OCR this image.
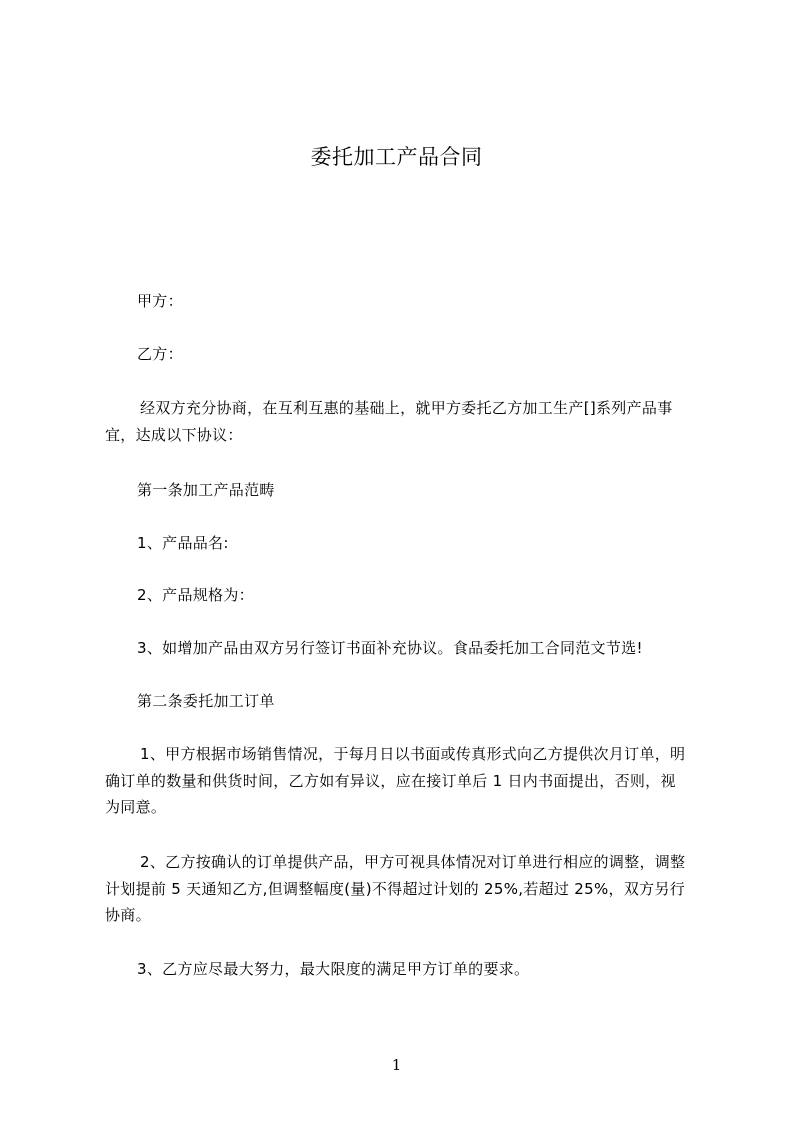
委托加工产品合同
甲方：
乙方：
经双方充分协商，在互利互惠的基础上，就甲方委托乙方加工生产[]系列产品事
宜，达成以下协议：
第一条加工产品范畴
1、产品品名:
2、产品规格为：
3、如增加产品由双方另行签订书面补充协议。食品委托加工合同范文节选!
第二条委托加工订单
1、甲方根据市场销售情况，于每月日以书面或传真形式向乙方提供次月订单，明
确订单的数量和供货时间，乙方如有异议，应在接订单后 1 日内书面提出，否则，视
为同意。
2、乙方按确认的订单提供产品，甲方可视具体情况对订单进行相应的调整，调整
计划提前 5 天通知乙方,但调整幅度(量)不得超过计划的 25%,若超过 25%，双方另行
协商。
3、乙方应尽最大努力，最大限度的满足甲方订单的要求。
1
